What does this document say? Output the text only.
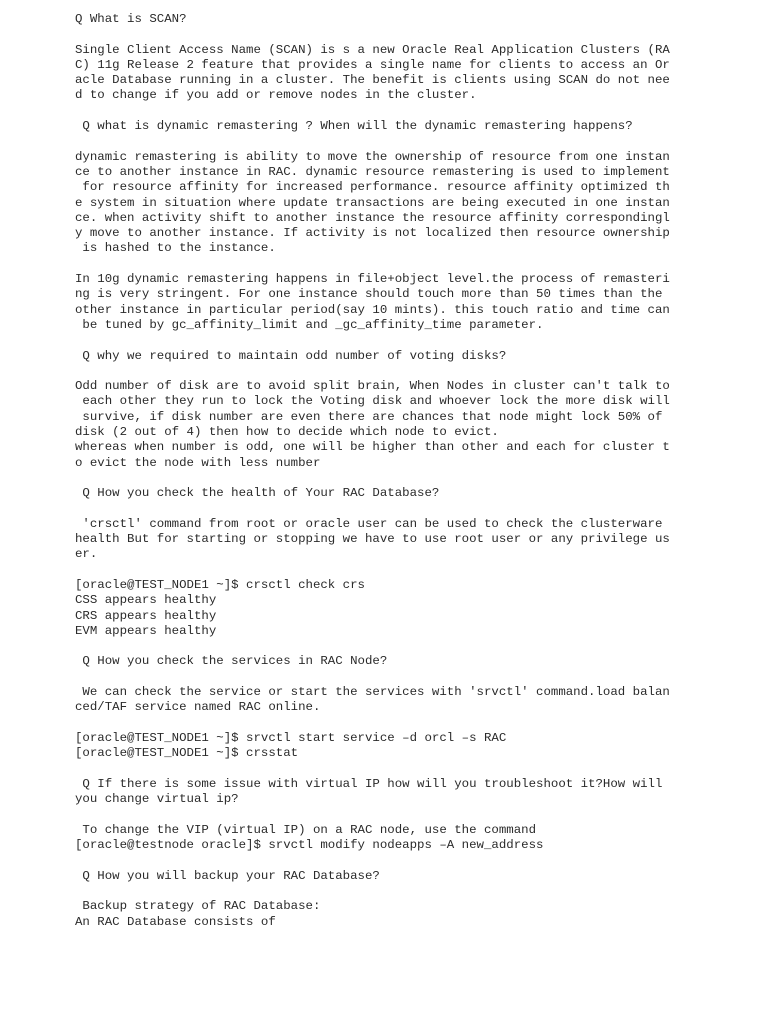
Q What is SCAN?
Single Client Access Name (SCAN) is s a new Oracle Real Application Clusters (RA
C) 11g Release 2 feature that provides a single name for clients to access an Or
acle Database running in a cluster. The benefit is clients using SCAN do not nee
d to change if you add or remove nodes in the cluster.
Q what is dynamic remastering ? When will the dynamic remastering happens?
dynamic remastering is ability to move the ownership of resource from one instan
ce to another instance in RAC. dynamic resource remastering is used to implement
for resource affinity for increased performance. resource affinity optimized th
e system in situation where update transactions are being executed in one instan
ce. when activity shift to another instance the resource affinity correspondingl
y move to another instance. If activity is not localized then resource ownership
is hashed to the instance.
In 10g dynamic remastering happens in file+object level.the process of remasteri
ng is very stringent. For one instance should touch more than 50 times than the
other instance in particular period(say 10 mints). this touch ratio and time can
be tuned by gc_affinity_limit and _gc_affinity_time parameter.
Q why we required to maintain odd number of voting disks?
Odd number of disk are to avoid split brain, When Nodes in cluster can't talk to
each other they run to lock the Voting disk and whoever lock the more disk will
survive, if disk number are even there are chances that node might lock 50% of
disk (2 out of 4) then how to decide which node to evict.
whereas when number is odd, one will be higher than other and each for cluster t
o evict the node with less number
Q How you check the health of Your RAC Database?
'crsctl' command from root or oracle user can be used to check the clusterware
health But for starting or stopping we have to use root user or any privilege us
er.
[oracle@TEST_NODE1 ~]$ crsctl check crs
CSS appears healthy
CRS appears healthy
EVM appears healthy
Q How you check the services in RAC Node?
We can check the service or start the services with 'srvctl' command.load balan
ced/TAF service named RAC online.
[oracle@TEST_NODE1 ~]$ srvctl start service –d orcl –s RAC
[oracle@TEST_NODE1 ~]$ crsstat
Q If there is some issue with virtual IP how will you troubleshoot it?How will
you change virtual ip?
To change the VIP (virtual IP) on a RAC node, use the command
[oracle@testnode oracle]$ srvctl modify nodeapps –A new_address
Q How you will backup your RAC Database?
Backup strategy of RAC Database:
An RAC Database consists of
